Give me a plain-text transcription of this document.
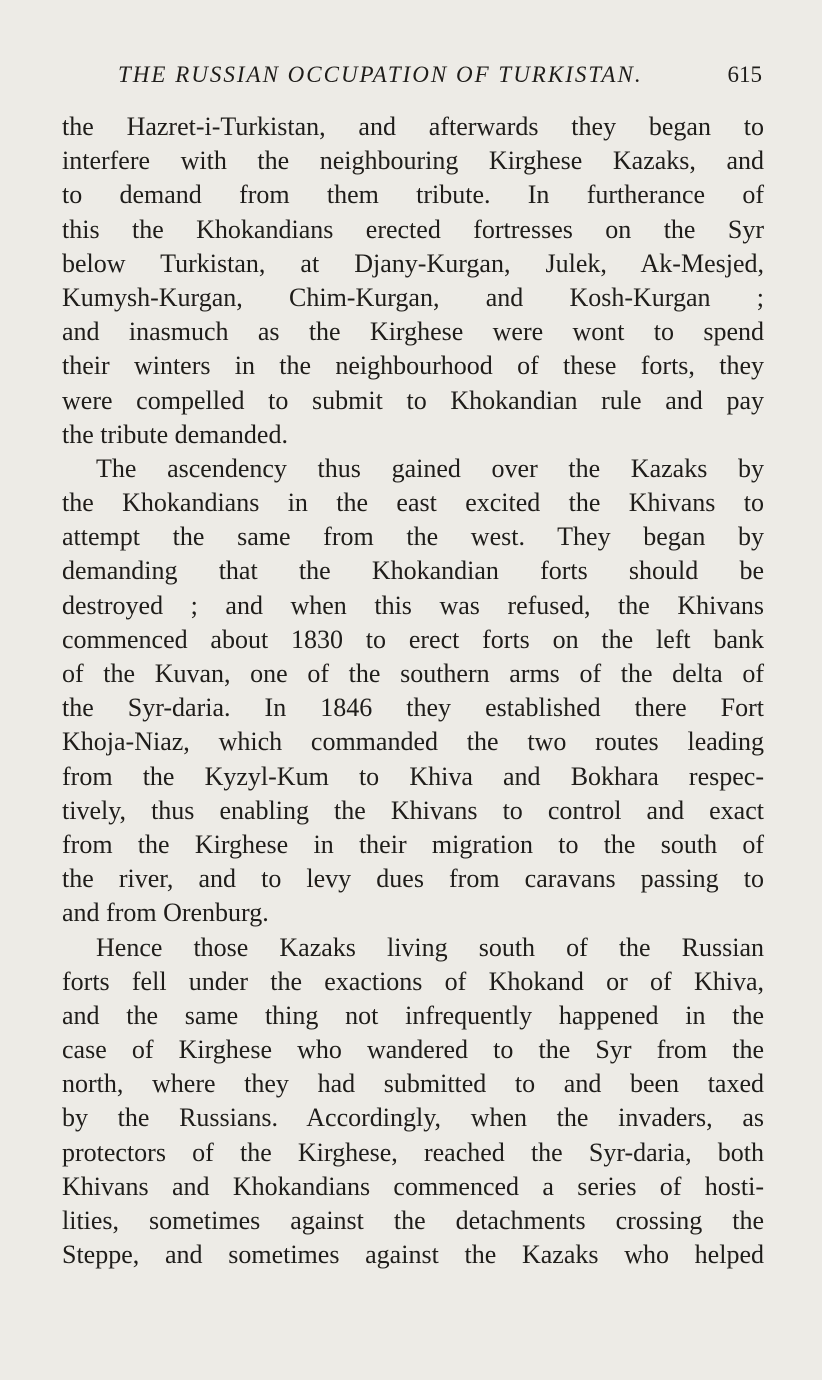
THE RUSSIAN OCCUPATION OF TURKISTAN.	615
the Hazret-i-Turkistan, and afterwards they began to
interfere with the neighbouring Kirghese Kazaks, and
to demand from them tribute. In furtherance of
this the Khokandians erected fortresses on the Syr
below Turkistan, at Djany-Kurgan, Julek, Ak-Mesjed,
Kumysh-Kurgan, Chim-Kurgan, and Kosh-Kurgan ;
and inasmuch as the Kirghese were wont to spend
their winters in the neighbourhood of these forts, they
were compelled to submit to Khokandian rule and pay
the tribute demanded.
The ascendency thus gained over the Kazaks by
the Khokandians in the east excited the Khivans to
attempt the same from the west. They began by
demanding that the Khokandian forts should be
destroyed ; and when this was refused, the Khivans
commenced about 1830 to erect forts on the left bank
of the Kuvan, one of the southern arms of the delta of
the Syr-daria. In 1846 they established there Fort
Khoja-Niaz, which commanded the two routes leading
from the Kyzyl-Kum to Khiva and Bokhara respec-
tively, thus enabling the Khivans to control and exact
from the Kirghese in their migration to the south of
the river, and to levy dues from caravans passing to
and from Orenburg.
Hence those Kazaks living south of the Russian
forts fell under the exactions of Khokand or of Khiva,
and the same thing not infrequently happened in the
case of Kirghese who wandered to the Syr from the
north, where they had submitted to and been taxed
by the Russians. Accordingly, when the invaders, as
protectors of the Kirghese, reached the Syr-daria, both
Khivans and Khokandians commenced a series of hosti-
lities, sometimes against the detachments crossing the
Steppe, and sometimes against the Kazaks who helped
